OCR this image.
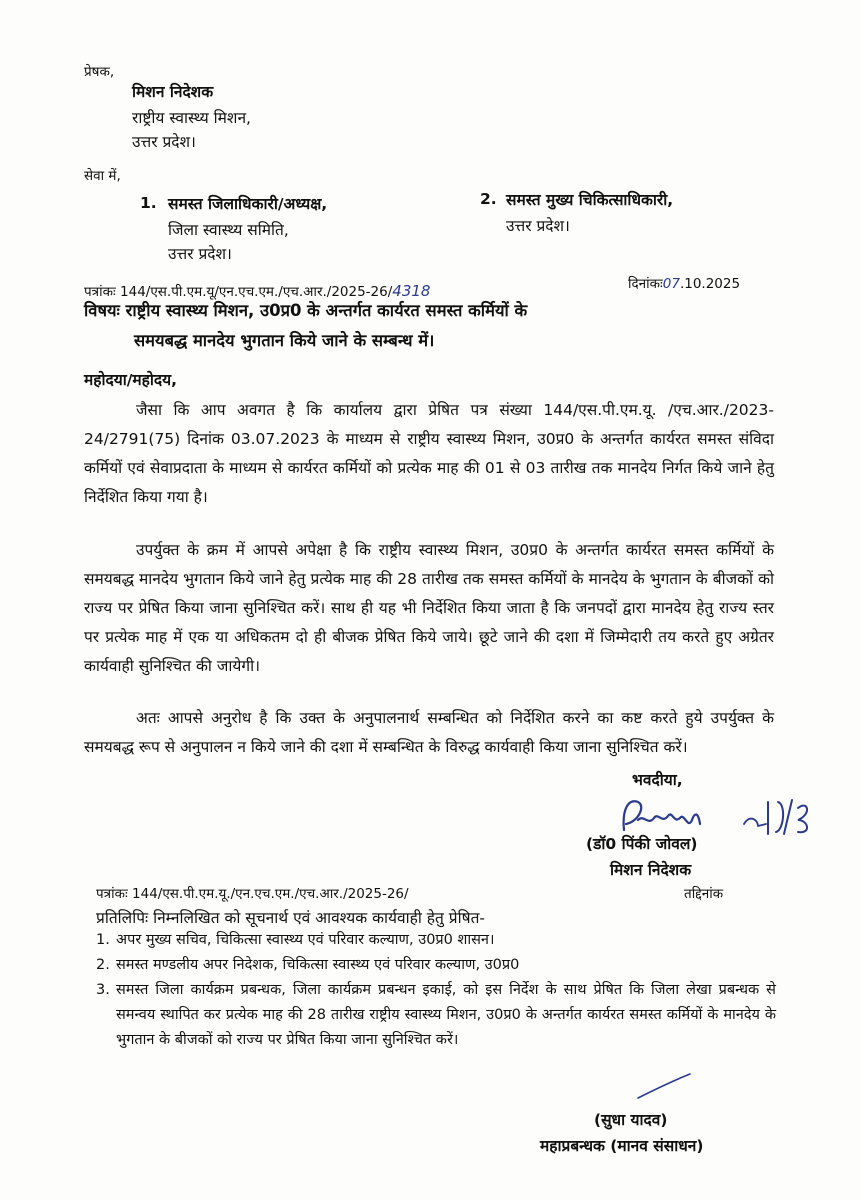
प्रेषक,
मिशन निदेशक
राष्ट्रीय स्वास्थ्य मिशन,
उत्तर प्रदेश।
सेवा में,
1. समस्त जिलाधिकारी/अध्यक्ष,
जिला स्वास्थ्य समिति,
उत्तर प्रदेश।
2. समस्त मुख्य चिकित्साधिकारी,
उत्तर प्रदेश।
पत्रांकः 144/एस.पी.एम.यू/एन.एच.एम./एच.आर./2025-26/4318	दिनांकः07.10.2025
विषयः राष्ट्रीय स्वास्थ्य मिशन, उ0प्र0 के अन्तर्गत कार्यरत समस्त कर्मियों के
समयबद्ध मानदेय भुगतान किये जाने के सम्बन्ध में।
महोदया/महोदय,
जैसा कि आप अवगत है कि कार्यालय द्वारा प्रेषित पत्र संख्या 144/एस.पी.एम.यू. /एच.आर./2023-24/2791(75) दिनांक 03.07.2023 के माध्यम से राष्ट्रीय स्वास्थ्य मिशन, उ0प्र0 के अन्तर्गत कार्यरत समस्त संविदा कर्मियों एवं सेवाप्रदाता के माध्यम से कार्यरत कर्मियों को प्रत्येक माह की 01 से 03 तारीख तक मानदेय निर्गत किये जाने हेतु निर्देशित किया गया है।
उपर्युक्त के क्रम में आपसे अपेक्षा है कि राष्ट्रीय स्वास्थ्य मिशन, उ0प्र0 के अन्तर्गत कार्यरत समस्त कर्मियों के समयबद्ध मानदेय भुगतान किये जाने हेतु प्रत्येक माह की 28 तारीख तक समस्त कर्मियों के मानदेय के भुगतान के बीजकों को राज्य पर प्रेषित किया जाना सुनिश्चित करें। साथ ही यह भी निर्देशित किया जाता है कि जनपदों द्वारा मानदेय हेतु राज्य स्तर पर प्रत्येक माह में एक या अधिकतम दो ही बीजक प्रेषित किये जाये। छूटे जाने की दशा में जिम्मेदारी तय करते हुए अग्रेतर कार्यवाही सुनिश्चित की जायेगी।
अतः आपसे अनुरोध है कि उक्त के अनुपालनार्थ सम्बन्धित को निर्देशित करने का कष्ट करते हुये उपर्युक्त के समयबद्ध रूप से अनुपालन न किये जाने की दशा में सम्बन्धित के विरुद्ध कार्यवाही किया जाना सुनिश्चित करें।
भवदीया,
(डॉ0 पिंकी जोवल)
मिशन निदेशक
पत्रांकः 144/एस.पी.एम.यू./एन.एच.एम./एच.आर./2025-26/	तद्दिनांक
प्रतिलिपिः निम्नलिखित को सूचनार्थ एवं आवश्यक कार्यवाही हेतु प्रेषित-
1. अपर मुख्य सचिव, चिकित्सा स्वास्थ्य एवं परिवार कल्याण, उ0प्र0 शासन।
2. समस्त मण्डलीय अपर निदेशक, चिकित्सा स्वास्थ्य एवं परिवार कल्याण, उ0प्र0
3. समस्त जिला कार्यक्रम प्रबन्धक, जिला कार्यक्रम प्रबन्धन इकाई, को इस निर्देश के साथ प्रेषित कि जिला लेखा प्रबन्धक से समन्वय स्थापित कर प्रत्येक माह की 28 तारीख राष्ट्रीय स्वास्थ्य मिशन, उ0प्र0 के अन्तर्गत कार्यरत समस्त कर्मियों के मानदेय के भुगतान के बीजकों को राज्य पर प्रेषित किया जाना सुनिश्चित करें।
(सुधा यादव)
महाप्रबन्धक (मानव संसाधन)
